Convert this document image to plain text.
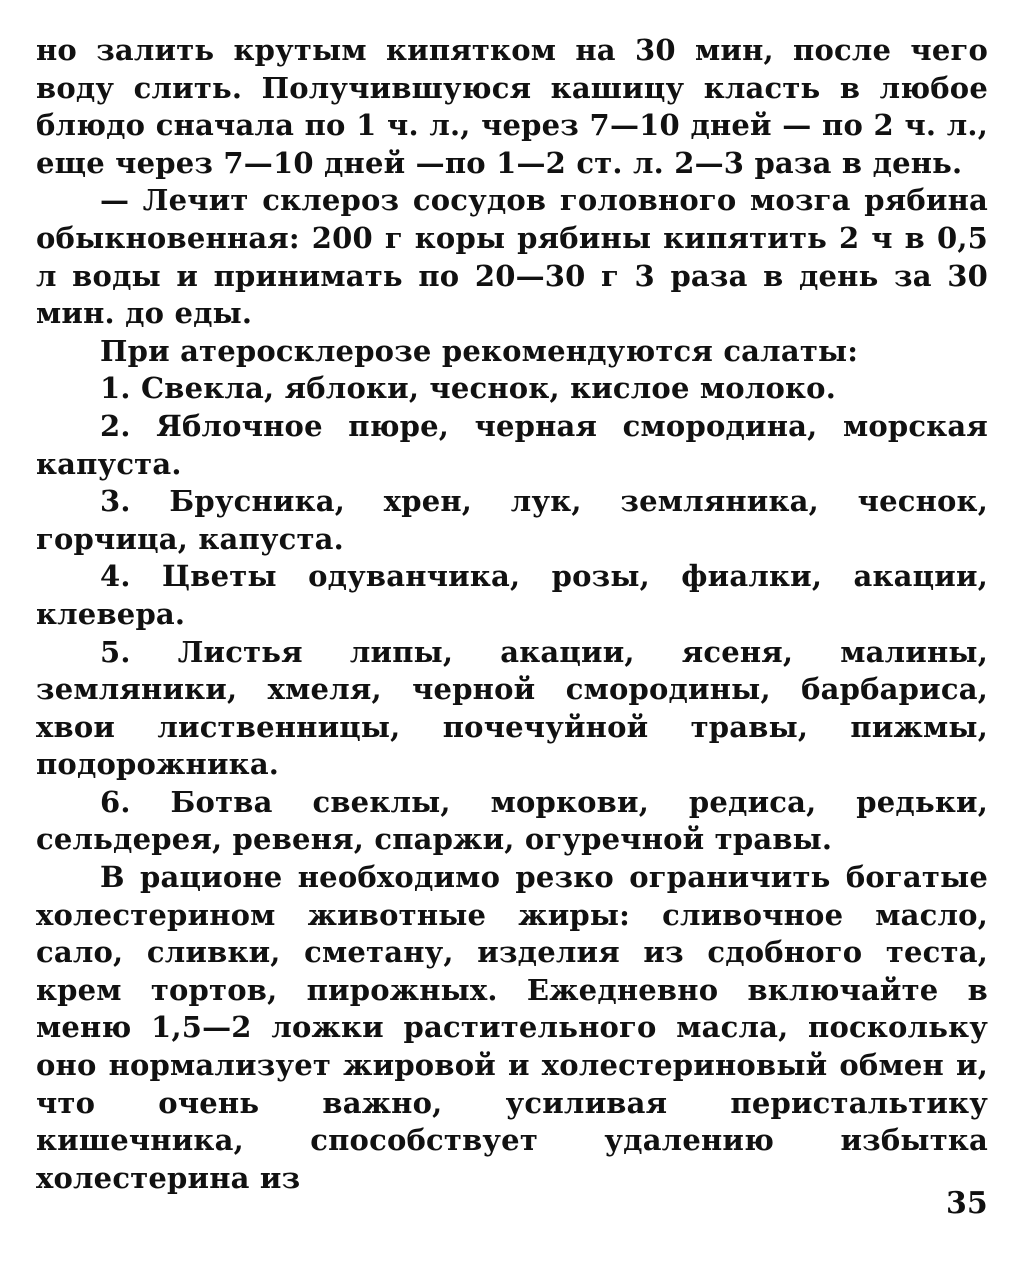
но залить крутым кипятком на 30 мин, после чего воду слить. Получившуюся кашицу класть в любое блюдо сначала по 1 ч. л., через 7—10 дней — по 2 ч. л., еще через 7—10 дней —по 1—2 ст. л. 2—3 раза в день.

— Лечит склероз сосудов головного мозга рябина обыкновенная: 200 г коры рябины кипятить 2 ч в 0,5 л воды и принимать по 20—30 г 3 раза в день за 30 мин. до еды.

При атеросклерозе рекомендуются салаты:

1. Свекла, яблоки, чеснок, кислое молоко.

2. Яблочное пюре, черная смородина, морская капуста.

3. Брусника, хрен, лук, земляника, чеснок, горчица, капуста.

4. Цветы одуванчика, розы, фиалки, акации, клевера.

5. Листья липы, акации, ясеня, малины, земляники, хмеля, черной смородины, барбариса, хвои лиственницы, почечуйной травы, пижмы, подорожника.

6. Ботва свеклы, моркови, редиса, редьки, сельдерея, ревеня, спаржи, огуречной травы.

В рационе необходимо резко ограничить богатые холестерином животные жиры: сливочное масло, сало, сливки, сметану, изделия из сдобного теста, крем тортов, пирожных. Ежедневно включайте в меню 1,5—2 ложки растительного масла, поскольку оно нормализует жировой и холестериновый обмен и, что очень важно, усиливая перистальтику кишечника, способствует удалению избытка холестерина из

35
